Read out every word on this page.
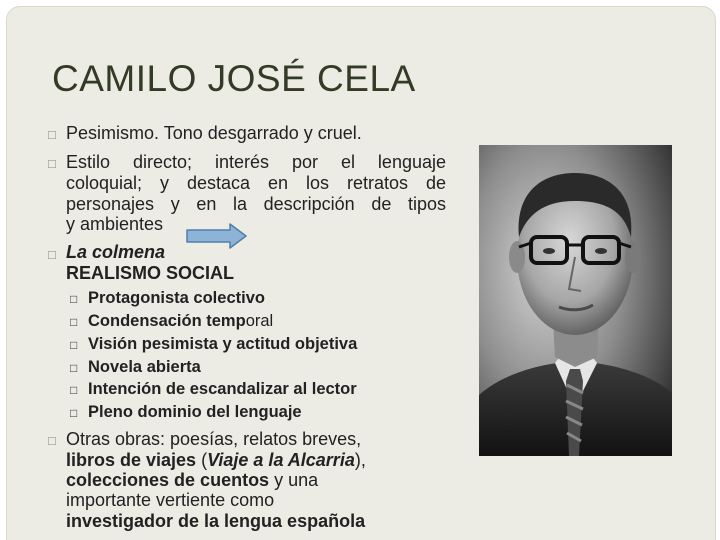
CAMILO JOSÉ CELA
□ Pesimismo. Tono desgarrado y cruel.
□ Estilo directo; interés por el lenguaje
coloquial; y destaca en los retratos de
personajes y en la descripción de tipos
y ambientes
□ La colmena
REALISMO SOCIAL
□ Protagonista colectivo
□ Condensación temporal
□ Visión pesimista y actitud objetiva
□ Novela abierta
□ Intención de escandalizar al lector
□ Pleno dominio del lenguaje
□ Otras obras: poesías, relatos breves,
libros de viajes (Viaje a la Alcarria),
colecciones de cuentos y una
importante vertiente como
investigador de la lengua española
